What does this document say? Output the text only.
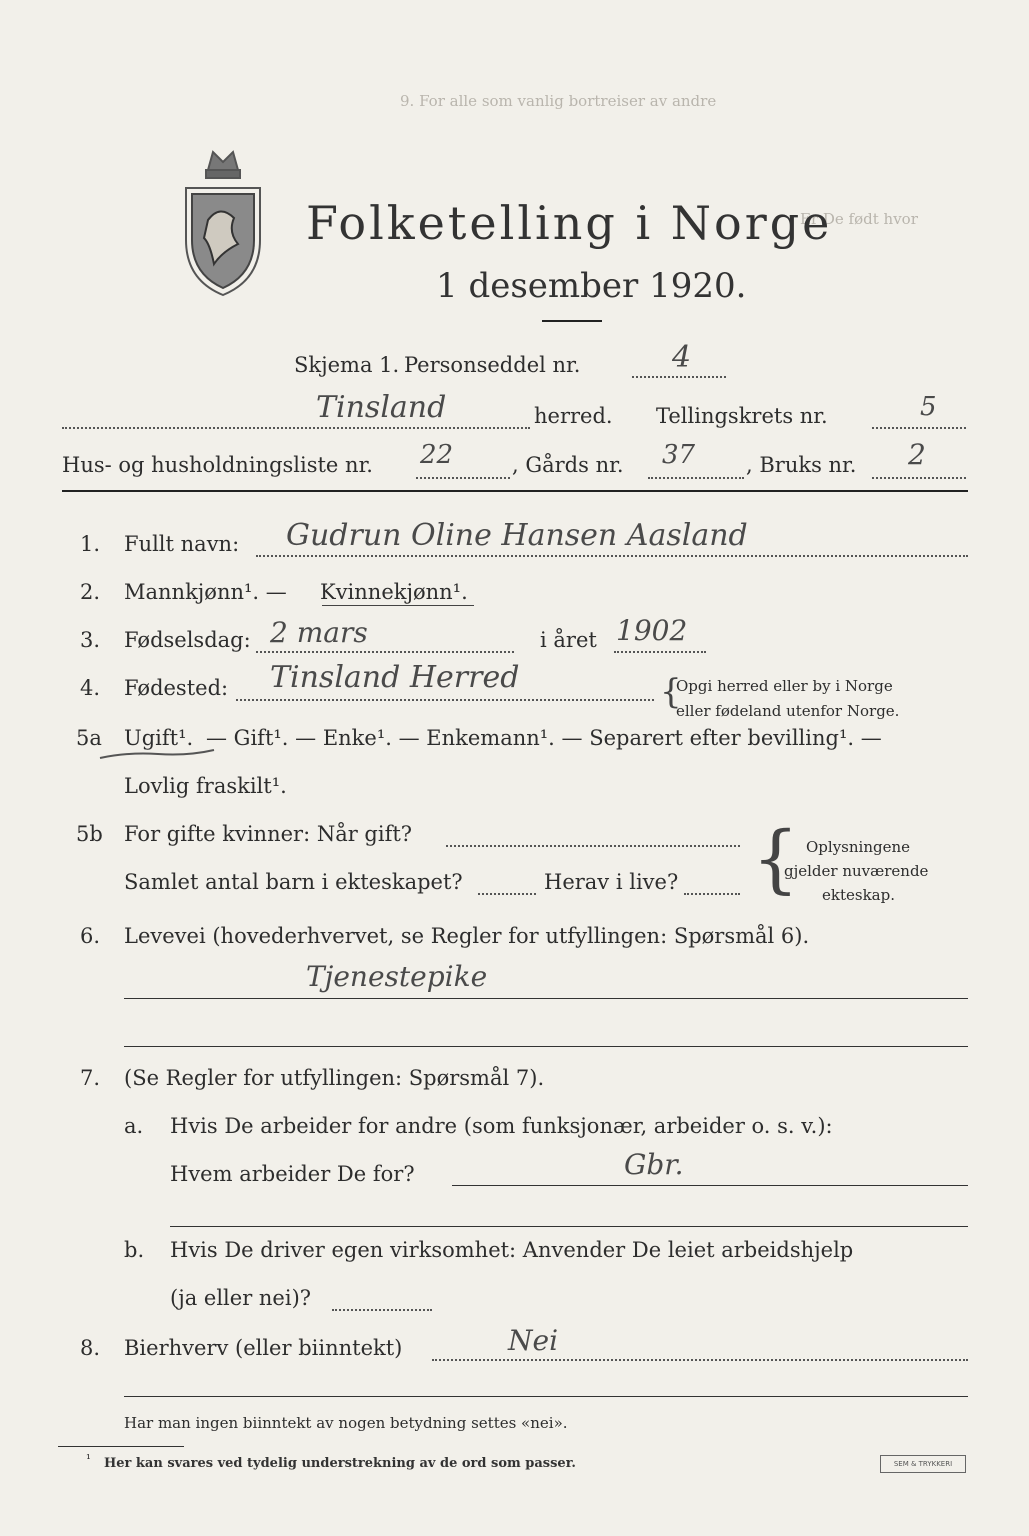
9. For alle som vanlig bortreiser av andre
Er De født hvor
Folketelling i Norge
1 desember 1920.
Skjema 1. Personseddel nr.	4
Tinsland	herred. Tellingskrets nr.	5
Hus- og husholdningsliste nr. 22	, Gårds nr. 37 , Bruks nr. 2
1. Fullt navn: Gudrun Oline Hansen Aasland
2. Mannkjønn¹. — Kvinnekjønn¹.
3. Fødselsdag: 2 mars	i året 1902
4. Fødested: Tinsland Herred	{
Opgi herred eller by i Norge
eller fødeland utenfor Norge.
5a Ugift¹. — Gift¹. — Enke¹. — Enkemann¹. — Separert efter bevilling¹. —
Lovlig fraskilt¹.
5b For gifte kvinner: Når gift?
Samlet antal barn i ekteskapet?	Herav i live? { Oplysningene
gjelder nuværende
ekteskap.
6. Levevei (hovederhvervet, se Regler for utfyllingen: Spørsmål 6).
Tjenestepike
7. (Se Regler for utfyllingen: Spørsmål 7).
a. Hvis De arbeider for andre (som funksjonær, arbeider o. s. v.):
Hvem arbeider De for?	Gbr.
b. Hvis De driver egen virksomhet: Anvender De leiet arbeidshjelp
(ja eller nei)?
8. Bierhverv (eller biinntekt)	Nei
Har man ingen biinntekt av nogen betydning settes «nei».
¹ Her kan svares ved tydelig understrekning av de ord som passer.	SEM & TRYKKERI
